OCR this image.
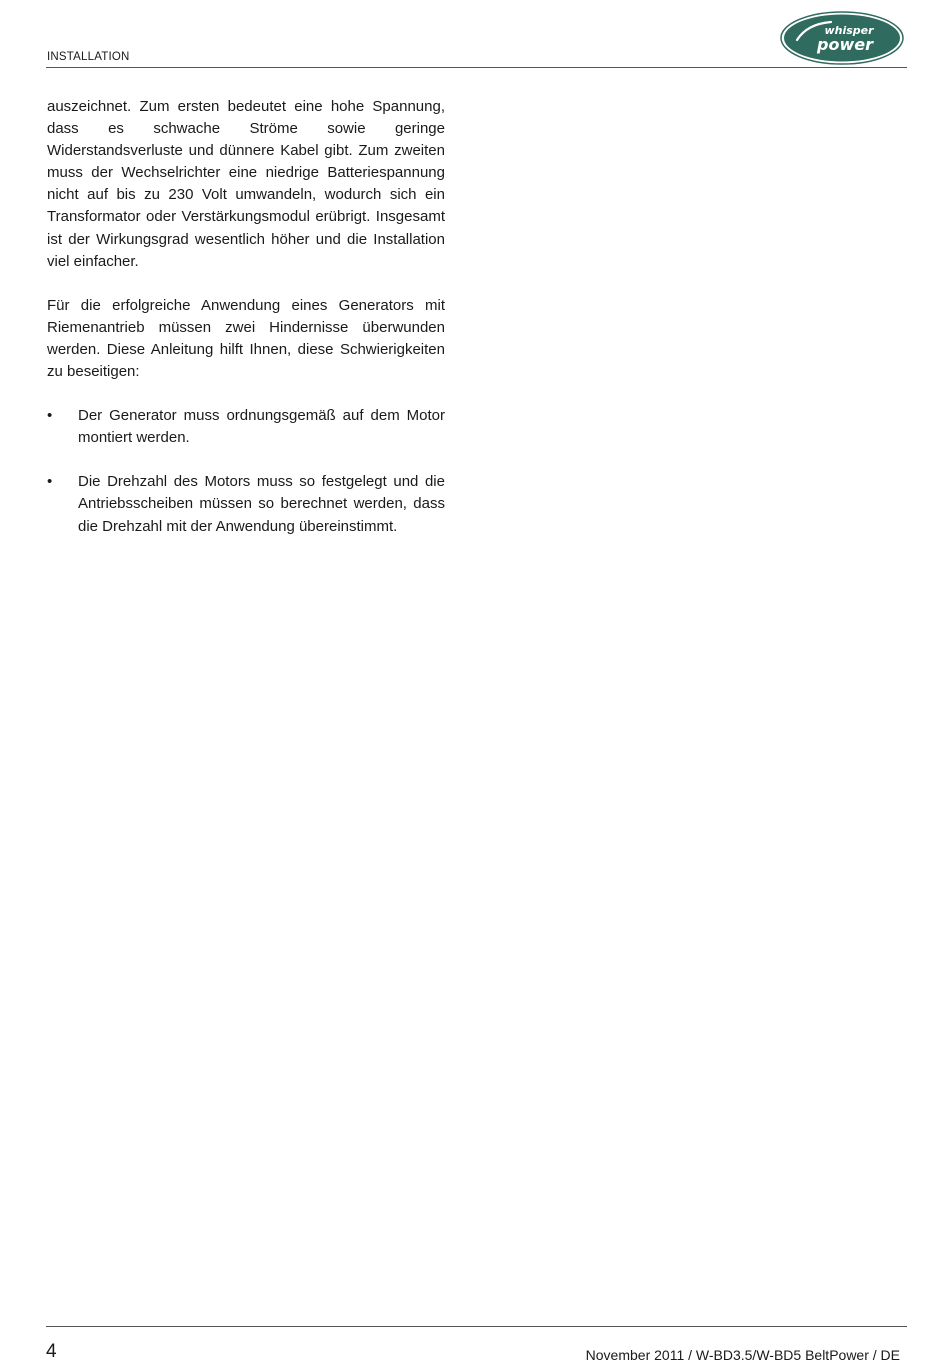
INSTALLATION
whisper
power

auszeichnet. Zum ersten bedeutet eine hohe Spannung, dass es schwache Ströme sowie geringe Widerstandsverluste und dünnere Kabel gibt. Zum zweiten muss der Wechselrichter eine niedrige Batteriespannung nicht auf bis zu 230 Volt umwandeln, wodurch sich ein Transformator oder Verstärkungsmodul erübrigt. Insgesamt ist der Wirkungsgrad wesentlich höher und die Installation viel einfacher.

Für die erfolgreiche Anwendung eines Generators mit Riemenantrieb müssen zwei Hindernisse überwunden werden. Diese Anleitung hilft Ihnen, diese Schwierigkeiten zu beseitigen:

•	Der Generator muss ordnungsgemäß auf dem Motor montiert werden.
•	Die Drehzahl des Motors muss so festgelegt und die Antriebsscheiben müssen so berechnet werden, dass die Drehzahl mit der Anwendung übereinstimmt.
4	November 2011 / W-BD3.5/W-BD5 BeltPower / DE
